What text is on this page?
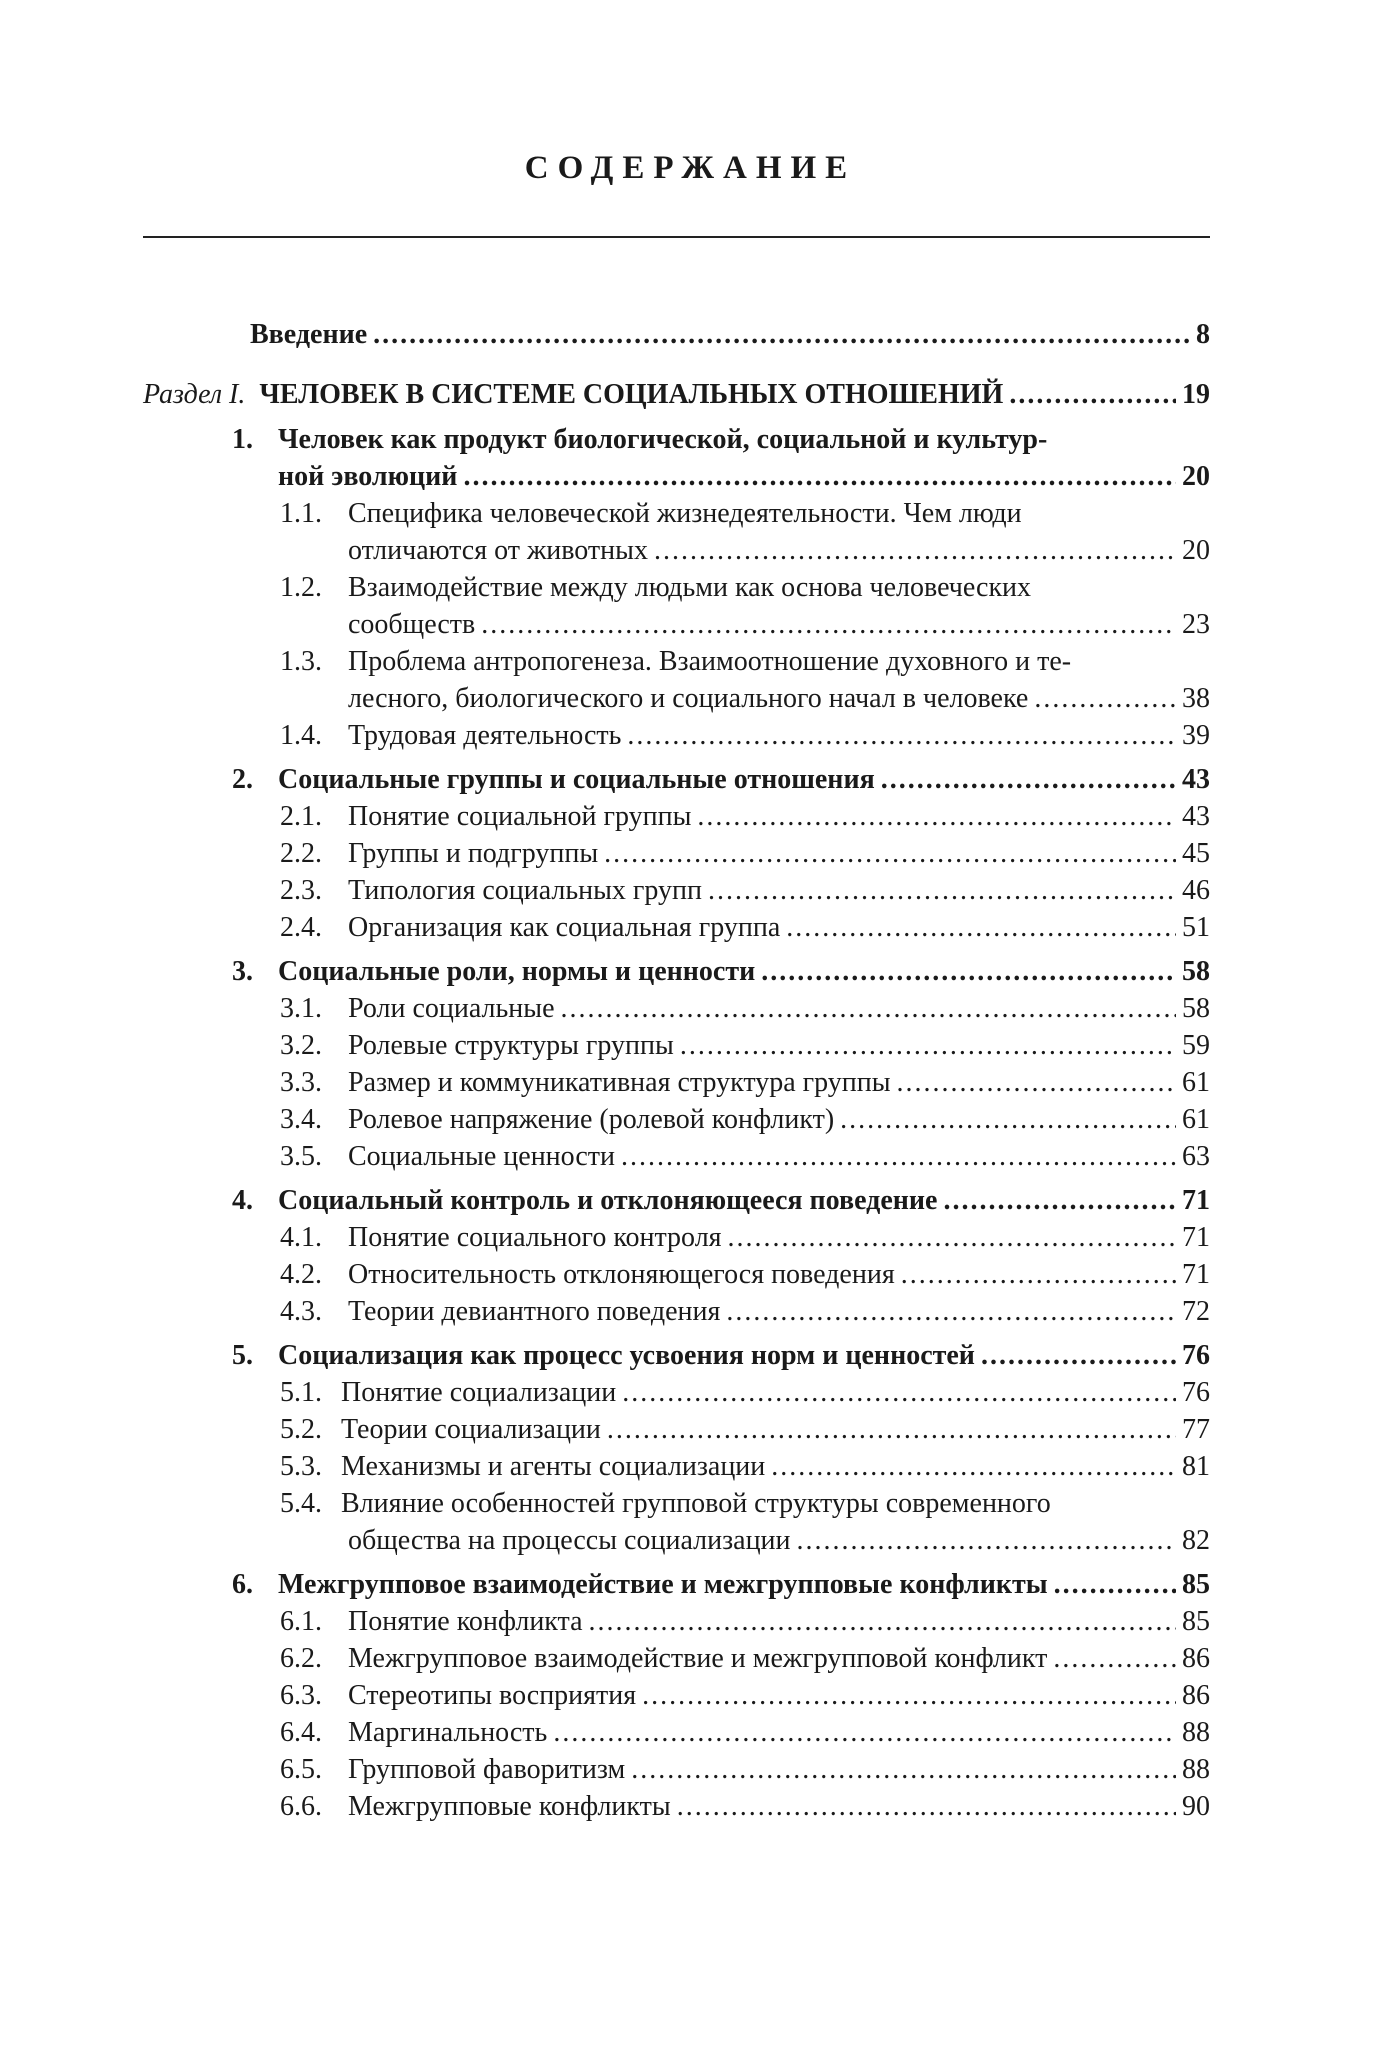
СОДЕРЖАНИЕ
Введение .....	8
Раздел I. ЧЕЛОВЕК В СИСТЕМЕ СОЦИАЛЬНЫХ ОТНОШЕНИЙ .....	19
1. Человек как продукт биологической, социальной и культур-
ной эволюций .....	20
1.1. Специфика человеческой жизнедеятельности. Чем люди
отличаются от животных .....	20
1.2. Взаимодействие между людьми как основа человеческих
сообществ .....	23
1.3. Проблема антропогенеза. Взаимоотношение духовного и те-
лесного, биологического и социального начал в человеке .....	38
1.4. Трудовая деятельность .....	39
2. Социальные группы и социальные отношения .....	43
2.1. Понятие социальной группы .....	43
2.2. Группы и подгруппы .....	45
2.3. Типология социальных групп .....	46
2.4. Организация как социальная группа .....	51
3. Социальные роли, нормы и ценности .....	58
3.1. Роли социальные .....	58
3.2. Ролевые структуры группы .....	59
3.3. Размер и коммуникативная структура группы .....	61
3.4. Ролевое напряжение (ролевой конфликт) .....	61
3.5. Социальные ценности .....	63
4. Социальный контроль и отклоняющееся поведение .....	71
4.1. Понятие социального контроля .....	71
4.2. Относительность отклоняющегося поведения .....	71
4.3. Теории девиантного поведения .....	72
5. Социализация как процесс усвоения норм и ценностей .....	76
5.1. Понятие социализации .....	76
5.2. Теории социализации .....	77
5.3. Механизмы и агенты социализации .....	81
5.4. Влияние особенностей групповой структуры современного
общества на процессы социализации .....	82
6. Межгрупповое взаимодействие и межгрупповые конфликты .....	85
6.1. Понятие конфликта .....	85
6.2. Межгрупповое взаимодействие и межгрупповой конфликт .....	86
6.3. Стереотипы восприятия .....	86
6.4. Маргинальность .....	88
6.5. Групповой фаворитизм .....	88
6.6. Межгрупповые конфликты .....	90
